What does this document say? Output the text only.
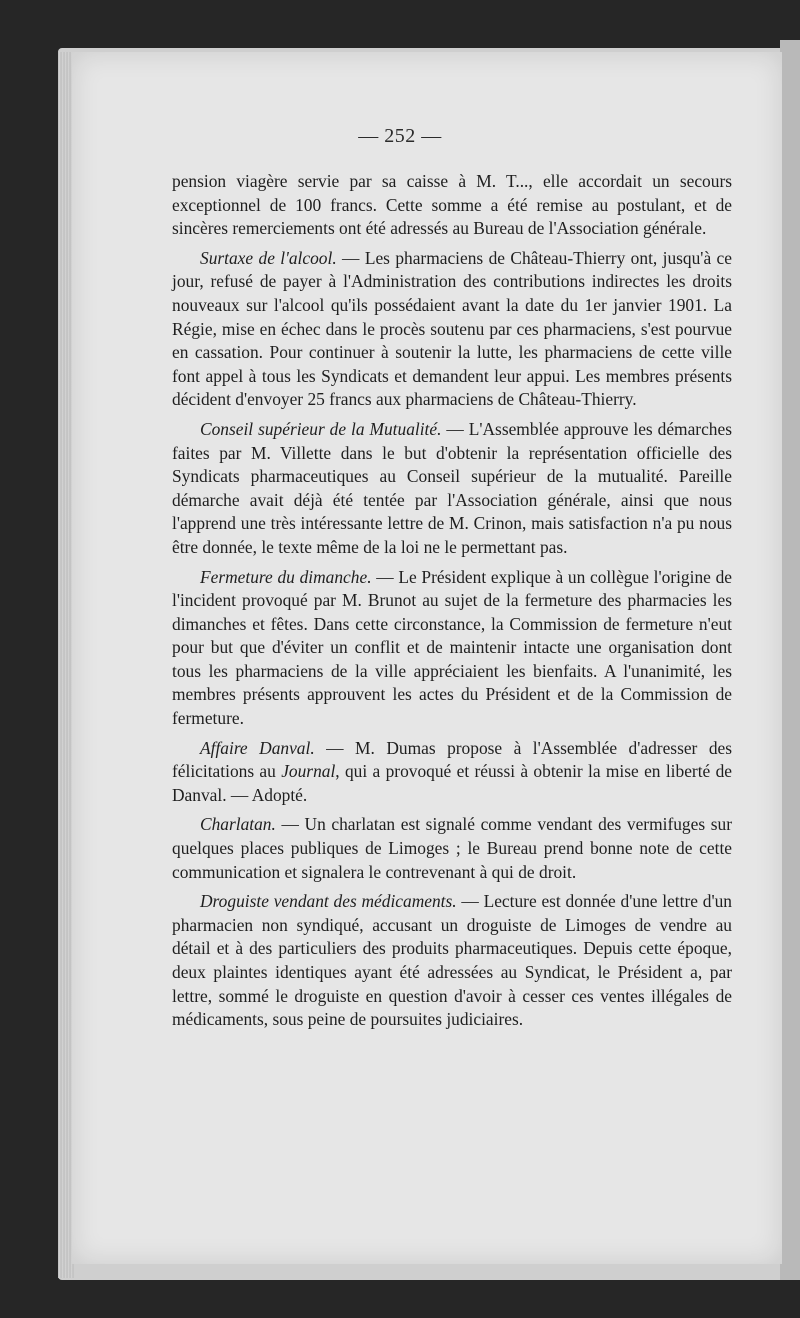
— 252 —

pension viagère servie par sa caisse à M. T..., elle accordait un secours exceptionnel de 100 francs. Cette somme a été remise au postulant, et de sincères remerciements ont été adressés au Bureau de l'Association générale.

Surtaxe de l'alcool. — Les pharmaciens de Château-Thierry ont, jusqu'à ce jour, refusé de payer à l'Administration des contributions indirectes les droits nouveaux sur l'alcool qu'ils possédaient avant la date du 1er janvier 1901. La Régie, mise en échec dans le procès soutenu par ces pharmaciens, s'est pourvue en cassation. Pour continuer à soutenir la lutte, les pharmaciens de cette ville font appel à tous les Syndicats et demandent leur appui. Les membres présents décident d'envoyer 25 francs aux pharmaciens de Château-Thierry.

Conseil supérieur de la Mutualité. — L'Assemblée approuve les démarches faites par M. Villette dans le but d'obtenir la représentation officielle des Syndicats pharmaceutiques au Conseil supérieur de la mutualité. Pareille démarche avait déjà été tentée par l'Association générale, ainsi que nous l'apprend une très intéressante lettre de M. Crinon, mais satisfaction n'a pu nous être donnée, le texte même de la loi ne le permettant pas.

Fermeture du dimanche. — Le Président explique à un collègue l'origine de l'incident provoqué par M. Brunot au sujet de la fermeture des pharmacies les dimanches et fêtes. Dans cette circonstance, la Commission de fermeture n'eut pour but que d'éviter un conflit et de maintenir intacte une organisation dont tous les pharmaciens de la ville appréciaient les bienfaits. A l'unanimité, les membres présents approuvent les actes du Président et de la Commission de fermeture.

Affaire Danval. — M. Dumas propose à l'Assemblée d'adresser des félicitations au Journal, qui a provoqué et réussi à obtenir la mise en liberté de Danval. — Adopté.

Charlatan. — Un charlatan est signalé comme vendant des vermifuges sur quelques places publiques de Limoges ; le Bureau prend bonne note de cette communication et signalera le contrevenant à qui de droit.

Droguiste vendant des médicaments. — Lecture est donnée d'une lettre d'un pharmacien non syndiqué, accusant un droguiste de Limoges de vendre au détail et à des particuliers des produits pharmaceutiques. Depuis cette époque, deux plaintes identiques ayant été adressées au Syndicat, le Président a, par lettre, sommé le droguiste en question d'avoir à cesser ces ventes illégales de médicaments, sous peine de poursuites judiciaires.
